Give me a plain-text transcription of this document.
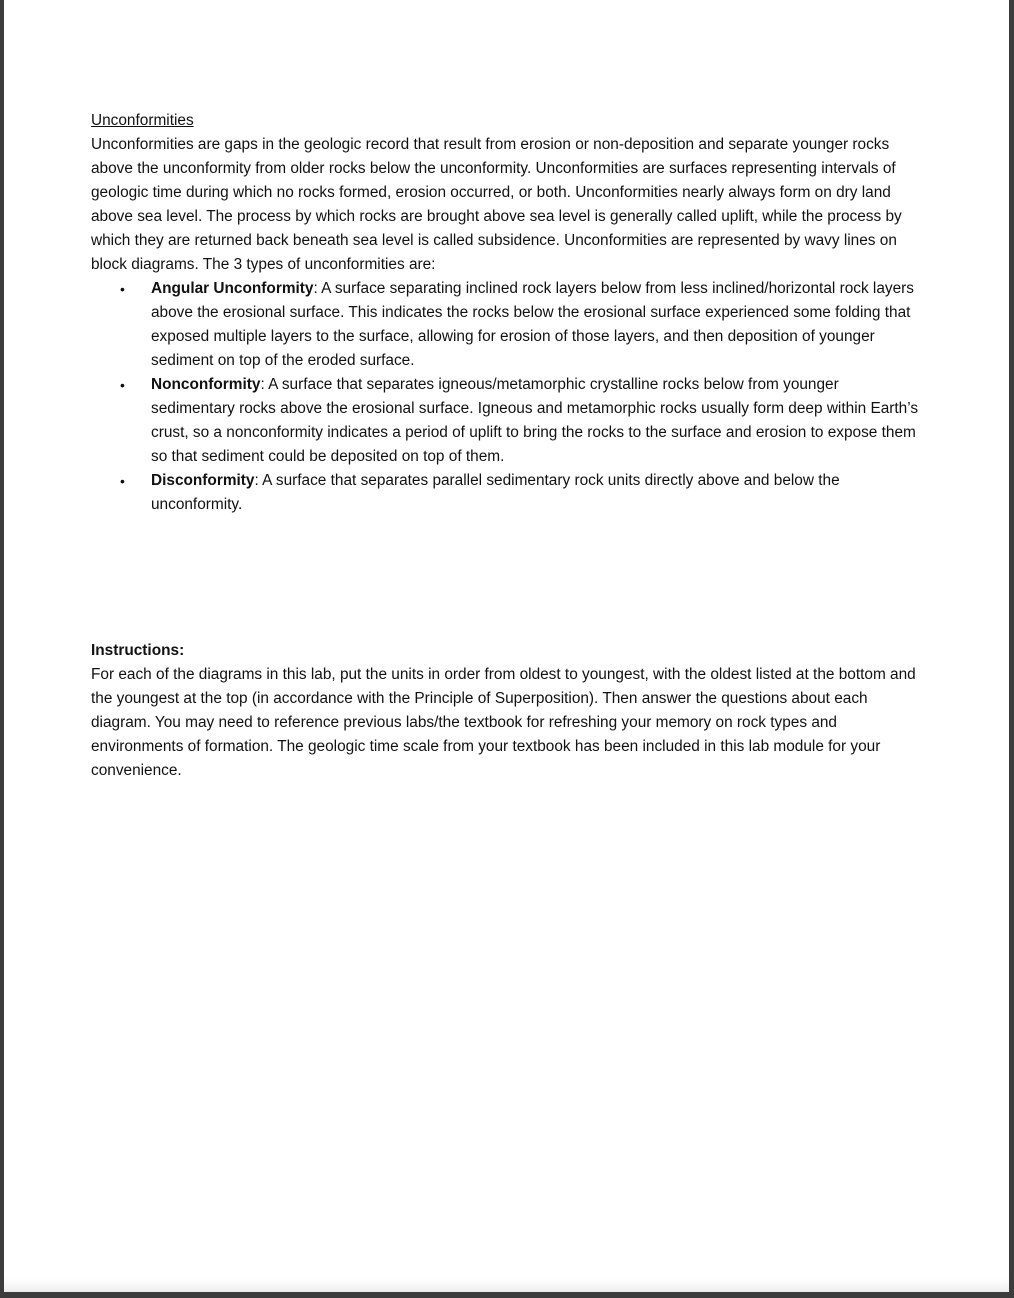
Unconformities

Unconformities are gaps in the geologic record that result from erosion or non-deposition and separate younger rocks above the unconformity from older rocks below the unconformity. Unconformities are surfaces representing intervals of geologic time during which no rocks formed, erosion occurred, or both. Unconformities nearly always form on dry land above sea level. The process by which rocks are brought above sea level is generally called uplift, while the process by which they are returned back beneath sea level is called subsidence. Unconformities are represented by wavy lines on block diagrams. The 3 types of unconformities are:

• Angular Unconformity: A surface separating inclined rock layers below from less inclined/horizontal rock layers above the erosional surface. This indicates the rocks below the erosional surface experienced some folding that exposed multiple layers to the surface, allowing for erosion of those layers, and then deposition of younger sediment on top of the eroded surface.
• Nonconformity: A surface that separates igneous/metamorphic crystalline rocks below from younger sedimentary rocks above the erosional surface. Igneous and metamorphic rocks usually form deep within Earth’s crust, so a nonconformity indicates a period of uplift to bring the rocks to the surface and erosion to expose them so that sediment could be deposited on top of them.
• Disconformity: A surface that separates parallel sedimentary rock units directly above and below the unconformity.
Instructions:

For each of the diagrams in this lab, put the units in order from oldest to youngest, with the oldest listed at the bottom and the youngest at the top (in accordance with the Principle of Superposition). Then answer the questions about each diagram. You may need to reference previous labs/the textbook for refreshing your memory on rock types and environments of formation. The geologic time scale from your textbook has been included in this lab module for your convenience.
